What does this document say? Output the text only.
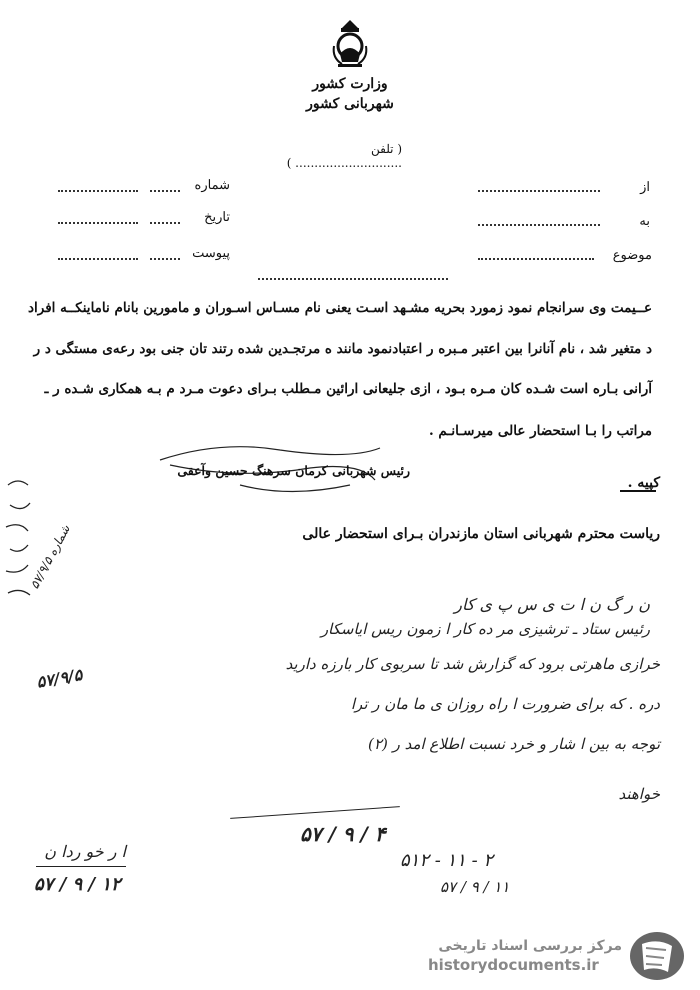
وزارت کشور
شهربانی کشور
( تلفن ............................ )
شماره
تاریخ
پیوست
از
به
موضوع
عــیمت وی سرانجام نمود زمورد بحریه مشـهد اسـت یعنی نام مسـاس اسـوران و مامورین بانام ناماینکــه افراد
د متغیر شد ، نام آنانرا بین اعتبر مـبره ر اعتبادنمود مانند ه مرتجـدین شده رتند تان جنی بود رعه‌ی مستگی د ر
آرانی بـاره است شـده کان مـره بـود ، ازی جلیعانی ارائین مـطلب بـرای دعوت مـرد م بـه همکاری شـده ر ـ
مراتب را بـا استحضار عالی میرسـانـم .
رئیس شهربانی کرمان سرهنگ حسین وآعقی
کپیه .
ریاست محترم شهربانی استان مازندران بـرای استحضار عالی
شماره ۵۷/۹/۵
۵۷/۹/۵
ن ر گ ن ا ت ی س پ ی کار
رئیس ستاد ـ ترشیزی مر ده کار ا زمون ریس ایاسکار
خرازی ماهرتی برود که گزارش شد تا سربوی کار بارزه دارید
دره . که برای ضرورت ا راه روزان ی ما مان ر ترا
توجه به بین ا شار و خرد نسبت اطلاع امد ر (۲)
خواهند
۵۷ / ۹ / ۴
۵۱۲ - ۱۱ - ۲
۵۷ / ۹ / ۱۱
ا ر خو ردا ن
۵۷ / ۹ / ۱۲
مرکز بررسی اسناد تاریخی
historydocuments.ir
